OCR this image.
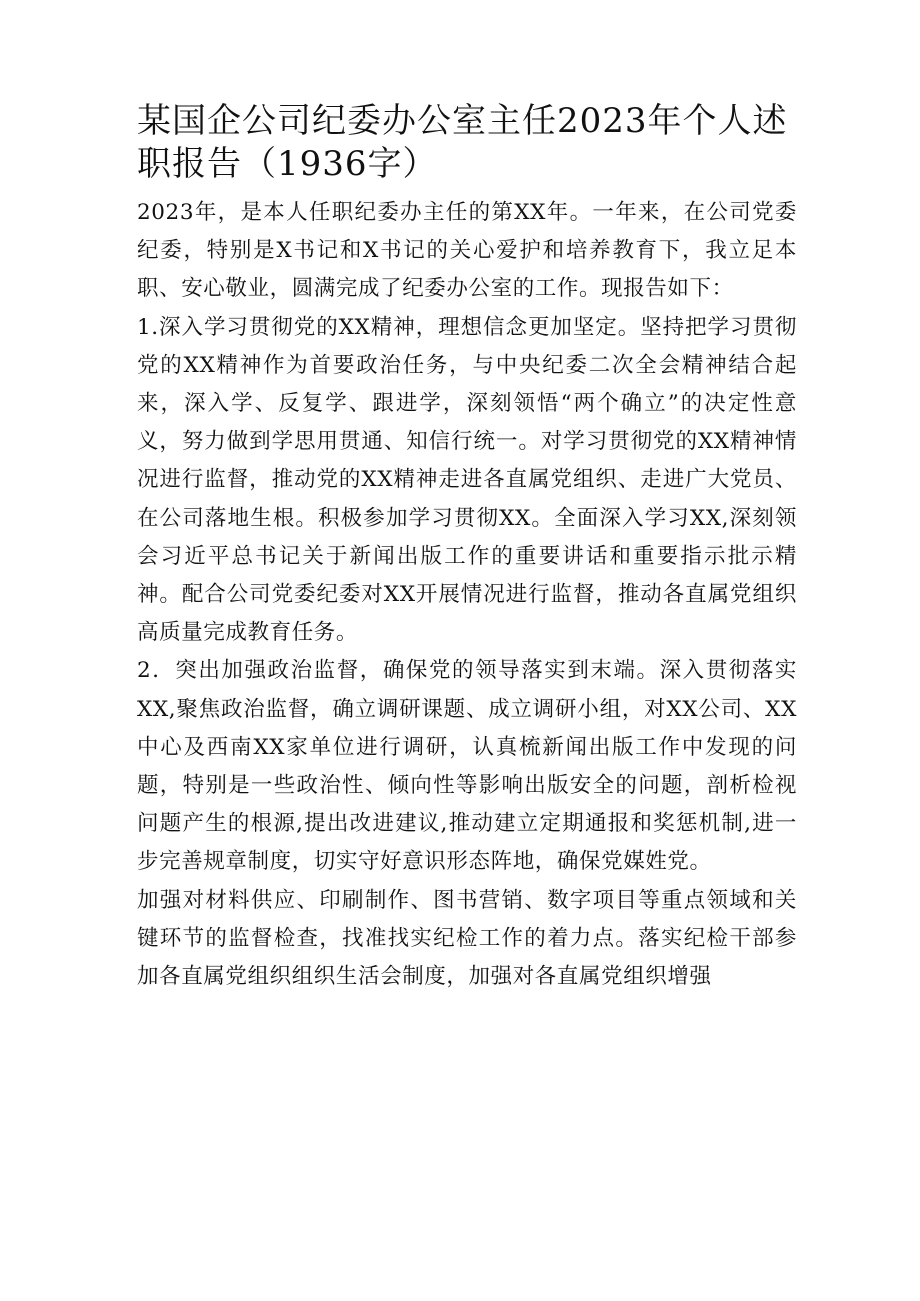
某国企公司纪委办公室主任2023年个人述职报告（1936字）

2023年，是本人任职纪委办主任的第XX年。一年来，在公司党委纪委，特别是X书记和X书记的关心爱护和培养教育下，我立足本职、安心敬业，圆满完成了纪委办公室的工作。现报告如下：

1.深入学习贯彻党的XX精神，理想信念更加坚定。坚持把学习贯彻党的XX精神作为首要政治任务，与中央纪委二次全会精神结合起来，深入学、反复学、跟进学，深刻领悟“两个确立”的决定性意义，努力做到学思用贯通、知信行统一。对学习贯彻党的XX精神情况进行监督，推动党的XX精神走进各直属党组织、走进广大党员、在公司落地生根。积极参加学习贯彻XX。全面深入学习XX,深刻领会习近平总书记关于新闻出版工作的重要讲话和重要指示批示精神。配合公司党委纪委对XX开展情况进行监督，推动各直属党组织高质量完成教育任务。

2．突出加强政治监督，确保党的领导落实到末端。深入贯彻落实XX,聚焦政治监督，确立调研课题、成立调研小组，对XX公司、XX中心及西南XX家单位进行调研，认真梳新闻出版工作中发现的问题，特别是一些政治性、倾向性等影响出版安全的问题，剖析检视问题产生的根源,提出改进建议,推动建立定期通报和奖惩机制,进一步完善规章制度，切实守好意识形态阵地，确保党媒姓党。

加强对材料供应、印刷制作、图书营销、数字项目等重点领域和关键环节的监督检查，找准找实纪检工作的着力点。落实纪检干部参加各直属党组织组织生活会制度，加强对各直属党组织增强
